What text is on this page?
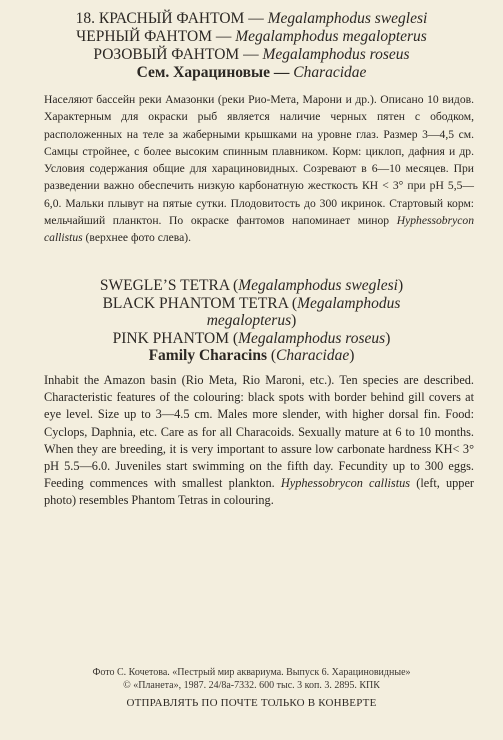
18. КРАСНЫЙ ФАНТОМ — Megalamphodus sweglesi
ЧЕРНЫЙ ФАНТОМ — Megalamphodus megalopterus
РОЗОВЫЙ ФАНТОМ — Megalamphodus roseus
Сем. Харациновые — Characidae
Населяют бассейн реки Амазонки (реки Рио-Мета, Марони и др.). Описано 10 видов. Характерным для окраски рыб является наличие черных пятен с ободком, расположенных на теле за жаберными крышками на уровне глаз. Размер 3—4,5 см. Самцы стройнее, с более высоким спинным плавником. Корм: циклоп, дафния и др. Условия содержания общие для харациновидных. Созревают в 6—10 месяцев. При разведении важно обеспечить низкую карбонатную жесткость КН < 3° при рН 5,5—6,0. Мальки плывут на пятые сутки. Плодовитость до 300 икринок. Стартовый корм: мельчайший планктон. По окраске фантомов напоминает минор Hyphessobrycon callistus (верхнее фото слева).
SWEGLE’S TETRA (Megalamphodus sweglesi)
BLACK PHANTOM TETRA (Megalamphodus
megalopterus)
PINK PHANTOM (Megalamphodus roseus)
Family Characins (Characidae)
Inhabit the Amazon basin (Rio Meta, Rio Maroni, etc.). Ten species are described. Characteristic features of the colouring: black spots with border behind gill covers at eye level. Size up to 3—4.5 cm. Males more slender, with higher dorsal fin. Food: Cyclops, Daphnia, etc. Care as for all Characoids. Sexually mature at 6 to 10 months. When they are breeding, it is very important to assure low carbonate hardness KH< 3° pH 5.5—6.0. Juveniles start swimming on the fifth day. Fecundity up to 300 eggs. Feeding commences with smallest plankton. Hyphessobrycon callistus (left, upper photo) resembles Phantom Tetras in colouring.
Фото С. Кочетова. «Пестрый мир аквариума. Выпуск 6. Харациновидные»
© «Планета», 1987. 24/8а-7332. 600 тыс. 3 коп. 3. 2895. КПК
ОТПРАВЛЯТЬ ПО ПОЧТЕ ТОЛЬКО В КОНВЕРТЕ
